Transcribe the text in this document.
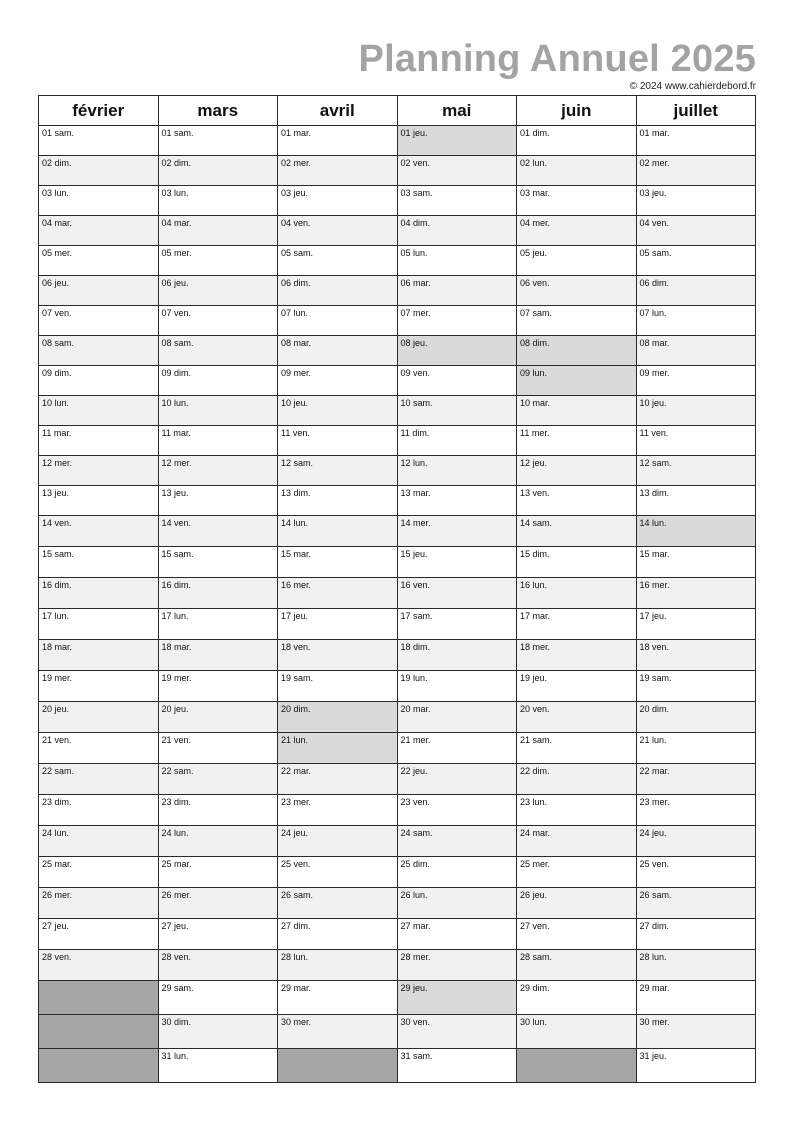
Planning Annuel 2025
© 2024 www.cahierdebord.fr
février	mars	avril	mai	juin	juillet
01 sam.	01 sam.	01 mar.	01 jeu.	01 dim.	01 mar.
02 dim.	02 dim.	02 mer.	02 ven.	02 lun.	02 mer.
03 lun.	03 lun.	03 jeu.	03 sam.	03 mar.	03 jeu.
04 mar.	04 mar.	04 ven.	04 dim.	04 mer.	04 ven.
05 mer.	05 mer.	05 sam.	05 lun.	05 jeu.	05 sam.
06 jeu.	06 jeu.	06 dim.	06 mar.	06 ven.	06 dim.
07 ven.	07 ven.	07 lun.	07 mer.	07 sam.	07 lun.
08 sam.	08 sam.	08 mar.	08 jeu.	08 dim.	08 mar.
09 dim.	09 dim.	09 mer.	09 ven.	09 lun.	09 mer.
10 lun.	10 lun.	10 jeu.	10 sam.	10 mar.	10 jeu.
11 mar.	11 mar.	11 ven.	11 dim.	11 mer.	11 ven.
12 mer.	12 mer.	12 sam.	12 lun.	12 jeu.	12 sam.
13 jeu.	13 jeu.	13 dim.	13 mar.	13 ven.	13 dim.
14 ven.	14 ven.	14 lun.	14 mer.	14 sam.	14 lun.
15 sam.	15 sam.	15 mar.	15 jeu.	15 dim.	15 mar.
16 dim.	16 dim.	16 mer.	16 ven.	16 lun.	16 mer.
17 lun.	17 lun.	17 jeu.	17 sam.	17 mar.	17 jeu.
18 mar.	18 mar.	18 ven.	18 dim.	18 mer.	18 ven.
19 mer.	19 mer.	19 sam.	19 lun.	19 jeu.	19 sam.
20 jeu.	20 jeu.	20 dim.	20 mar.	20 ven.	20 dim.
21 ven.	21 ven.	21 lun.	21 mer.	21 sam.	21 lun.
22 sam.	22 sam.	22 mar.	22 jeu.	22 dim.	22 mar.
23 dim.	23 dim.	23 mer.	23 ven.	23 lun.	23 mer.
24 lun.	24 lun.	24 jeu.	24 sam.	24 mar.	24 jeu.
25 mar.	25 mar.	25 ven.	25 dim.	25 mer.	25 ven.
26 mer.	26 mer.	26 sam.	26 lun.	26 jeu.	26 sam.
27 jeu.	27 jeu.	27 dim.	27 mar.	27 ven.	27 dim.
28 ven.	28 ven.	28 lun.	28 mer.	28 sam.	28 lun.
	29 sam.	29 mar.	29 jeu.	29 dim.	29 mar.
	30 dim.	30 mer.	30 ven.	30 lun.	30 mer.
	31 lun.		31 sam.		31 jeu.
